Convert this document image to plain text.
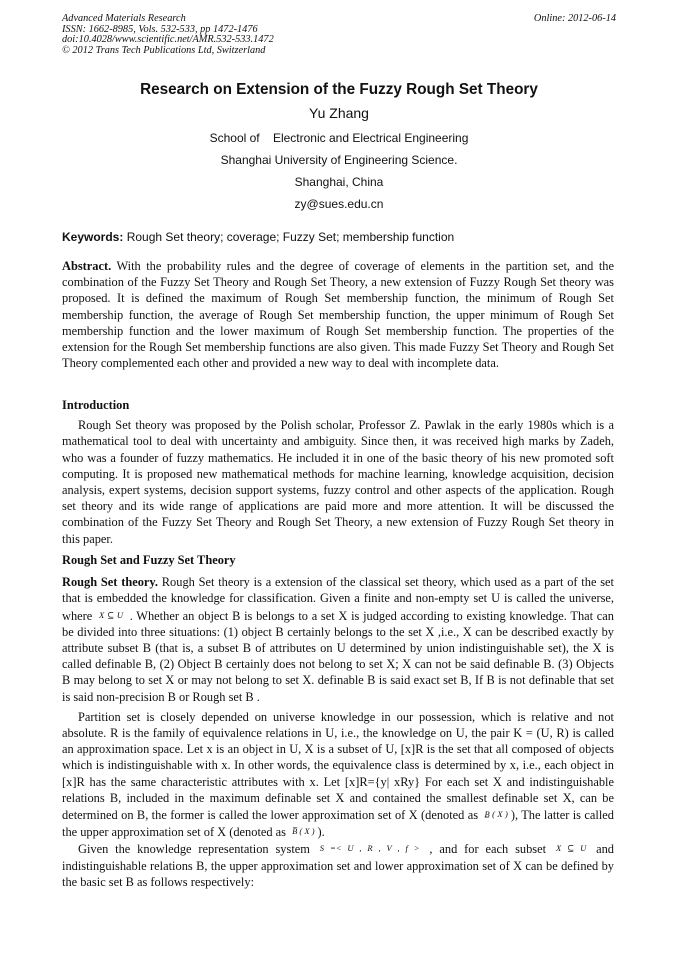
Advanced Materials Research
ISSN: 1662-8985, Vols. 532-533, pp 1472-1476
doi:10.4028/www.scientific.net/AMR.532-533.1472
© 2012 Trans Tech Publications Ltd, Switzerland
Online: 2012-06-14
Research on Extension of the Fuzzy Rough Set Theory
Yu Zhang
School of    Electronic and Electrical Engineering
Shanghai University of Engineering Science.
Shanghai, China
zy@sues.edu.cn
Keywords: Rough Set theory; coverage; Fuzzy Set; membership function

Abstract. With the probability rules and the degree of coverage of elements in the partition set, and the combination of the Fuzzy Set Theory and Rough Set Theory, a new extension of Fuzzy Rough Set theory was proposed. It is defined the maximum of Rough Set membership function, the minimum of Rough Set membership function, the average of Rough Set membership function, the upper minimum of Rough Set membership function and the lower maximum of Rough Set membership function. The properties of the extension for the Rough Set membership functions are also given. This made Fuzzy Set Theory and Rough Set Theory complemented each other and provided a new way to deal with incomplete data.

Introduction

Rough Set theory was proposed by the Polish scholar, Professor Z. Pawlak in the early 1980s which is a mathematical tool to deal with uncertainty and ambiguity. Since then, it was received high marks by Zadeh, who was a founder of fuzzy mathematics. He included it in one of the basic theory of his new promoted soft computing. It is proposed new mathematical methods for machine learning, knowledge acquisition, decision analysis, expert systems, decision support systems, fuzzy control and other aspects of the application. Rough set theory and its wide range of applications are paid more and more attention. It will be discussed the combination of the Fuzzy Set Theory and Rough Set Theory, a new extension of Fuzzy Rough Set theory in this paper.

Rough Set and Fuzzy Set Theory

Rough Set theory. Rough Set theory is a extension of the classical set theory, which used as a part of the set that is embedded the knowledge for classification. Given a finite and non-empty set U is called the universe, where X ⊆ U . Whether an object B is belongs to a set X is judged according to existing knowledge. That can be divided into three situations: (1) object B certainly belongs to the set X ,i.e., X can be described exactly by attribute subset B (that is, a subset B of attributes on U determined by union indistinguishable set), the X is called definable B, (2) Object B certainly does not belong to set X; X can not be said definable B. (3) Objects B may belong to set X or may not belong to set X. definable B is said exact set B, If B is not definable that set is said non-precision B or Rough set B .

Partition set is closely depended on universe knowledge in our possession, which is relative and not absolute. R is the family of equivalence relations in U, i.e., the knowledge on U, the pair K = (U, R) is called an approximation space. Let x is an object in U, X is a subset of U, [x]R is the set that all composed of objects which is indistinguishable with x. In other words, the equivalence class is determined by x, i.e., each object in [x]R has the same characteristic attributes with x. Let [x]R={y| xRy} For each set X and indistinguishable relations B, included in the maximum definable set X and contained the smallest definable set X, can be determined on B, the former is called the lower approximation set of X (denoted as B̲ ( X ) ), The latter is called the upper approximation set of X (denoted as B̅ ( X ) ).

Given the knowledge representation system S =< U , R , V , f > , and for each subset X ⊆ U and indistinguishable relations B, the upper approximation set and lower approximation set of X can be defined by the basic set B as follows respectively:
